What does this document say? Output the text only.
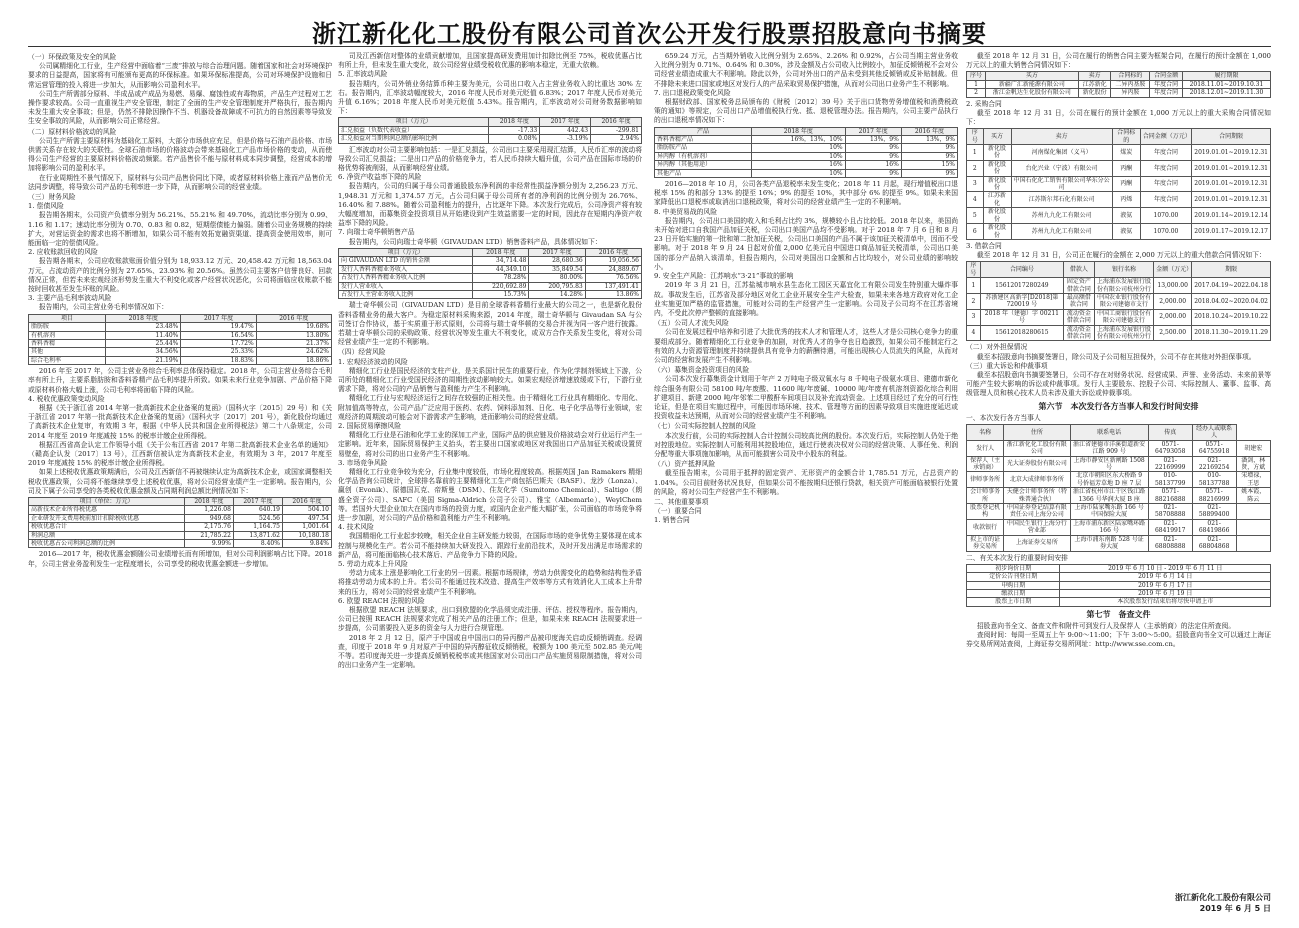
浙江新化化工股份有限公司首次公开发行股票招股意向书摘要
（一）环保政策及安全的风险

公司属精细化工行业，生产经营中面临着“三废”排放与综合治理问题。随着国家和社会对环境保护要求的日益提高，国家将有可能颁布更高的环保标准。如果环保标准提高，公司对环境保护设施和日常运营管理的投入将进一步加大，从而影响公司盈利水平。

公司生产所需部分原料、半成品或产成品为易燃、易爆、腐蚀性或有毒物质，产品生产过程对工艺操作要求较高。公司一直重视生产安全管理，制定了全面的生产安全管理制度并严格执行，报告期内未发生重大安全事故；但是，仍然不排除因操作不当、机器设备故障或不可抗力的自然因素等导致发生安全事故的风险，从而影响公司正常经营。

（二）原材料价格波动的风险

公司生产所需主要原材料为基础化工原料，大部分市场供应充足，但是价格与石油产品价格、市场供需关系存在较大的关联性。全球石油市场的价格波动会带来基础化工产品市场价格的变动，从而使得公司生产经营的主要原材料价格波动频繁。若产品售价不能与原材料成本同步调整，经营成本的增加将影响公司的盈利水平。

在行业周期性不景气情况下，原材料与公司产品售价同比下降，或者原材料价格上涨而产品售价无法同步调整，将导致公司产品的毛利率进一步下降，从而影响公司的经营业绩。

（三）财务风险
1. 偿债风险

报告期各期末，公司资产负债率分别为 56.21%、55.21% 和 49.70%，流动比率分别为 0.99、1.16 和 1.17；速动比率分别为 0.70、0.83 和 0.82，短期偿债能力偏弱。随着公司业务规模的持续扩大，对营运资金的需求也将不断增加，如果公司不能有效拓宽融资渠道、提高资金使用效率，则可能面临一定的偿债风险。

2. 应收账款回收的风险

报告期各期末，公司应收账款账面价值分别为 18,933.12 万元、20,458.42 万元和 18,563.04 万元，占流动资产的比例分别为 27.65%、23.93% 和 20.56%。虽然公司主要客户信誉良好、回款情况正常，但若未来宏观经济形势发生重大不利变化或客户经营状况恶化，公司将面临应收账款不能按时回收甚至发生坏账的风险。

3. 主要产品毛利率波动风险

报告期内，公司主营业务毛利率情况如下：

项目	2018 年度	2017 年度	2016 年度
脂肪胺	23.48%	19.47%	19.68%
有机溶剂	11.40%	16.54%	13.80%
香料香精	25.44%	17.72%	21.37%
其他	34.56%	25.33%	24.62%
综合毛利率	21.19%	18.83%	18.86%

2016 年至 2017 年，公司主营业务综合毛利率总体保持稳定。2018 年，公司主营业务综合毛利率有所上升，主要系脂肪胺和香料香精产品毛利率提升所致。如果未来行业竞争加剧、产品价格下降或原材料价格大幅上涨，公司毛利率将面临下降的风险。

4. 税收优惠政策变动风险

根据《关于浙江省 2014 年第一批高新技术企业备案的复函》（国科火字〔2015〕29 号）和《关于浙江省 2017 年第一批高新技术企业备案的复函》（国科火字〔2017〕201 号），新化股份均通过了高新技术企业复审，有效期 3 年，根据《中华人民共和国企业所得税法》第二十八条规定，公司 2014 年度至 2019 年度减按 15% 的税率计缴企业所得税。

根据江西省高企认定工作领导小组《关于公布江西省 2017 年第二批高新技术企业名单的通知》（赣高企认发〔2017〕13 号），江西新信被认定为高新技术企业，有效期为 3 年，2017 年度至 2019 年度减按 15% 的税率计缴企业所得税。

如果上述税收优惠政策期满后，公司及江西新信不再被继续认定为高新技术企业，或国家调整相关税收优惠政策，公司将不能继续享受上述税收优惠，将对公司经营业绩产生一定影响。报告期内，公司及下属子公司享受的各类税收优惠金额及占同期利润总额比例情况如下：

项目（单位：万元）	2018 年度	2017 年度	2016 年度
高新技术企业所得税优惠	1,226.08	640.19	504.10
企业研发开支费用税前加计扣除税收优惠	949.68	524.56	497.54
税收优惠合计	2,175.76	1,164.75	1,001.64
利润总额	21,785.22	13,871.62	10,180.18
税收优惠占公司利润总额的比例	9.99%	8.40%	9.84%

2016—2017 年，税收优惠金额随公司业绩增长而有所增加，但对公司利润影响占比下降。2018 年，公司主营业务盈利发生一定程度增长，公司享受的税收优惠金额进一步增加。

司及江西新信对整体的业绩贡献增加，且国家提高研发费用加计扣除比例至 75%，税收优惠占比有所上升，但未发生重大变化，故公司经营业绩受税收优惠的影响本稳定，无重大依赖。

5. 汇率波动风险

报告期内，公司外销业务结算币种主要为美元，公司出口收入占主营业务收入的比重达 30% 左右。报告期内，汇率波动幅度较大，2016 年度人民币对美元贬值 6.83%；2017 年度人民币对美元升值 6.16%；2018 年度人民币对美元贬值 5.43%。报告期内，汇率波动对公司财务数据影响如下：

项目（万元）	2018 年度	2017 年度	2016 年度
汇兑损益（负数代表收益）	-17.33	442.43	-299.81
汇兑损益对当期利润总额的影响比例	0.08%	-3.19%	2.94%

汇率波动对公司主要影响包括：一是汇兑损益，公司出口主要采用现汇结算，人民币汇率的波动将导致公司汇兑损益；二是出口产品的价格竞争力，若人民币持续大幅升值，公司产品在国际市场的价格优势将被削弱，从而影响经营业绩。

6. 净资产收益率下降的风险

报告期内，公司的归属于母公司普通股股东净利润的非经常性损益净额分别为 2,256.23 万元、1,948.31 万元和 1,374.57 万元，占公司归属于母公司所有者的净利润的比例分别为 26.76%、16.40% 和 7.88%。随着公司盈利能力的提升，占比逐年下降。本次发行完成后，公司净资产将有较大幅度增加，而募集资金投资项目从开始建设到产生效益需要一定的时间，因此存在短期内净资产收益率下降的风险。

7. 向瑞士奇华顿销售产品

报告期内，公司向瑞士奇华顿（GIVAUDAN LTD）销售香料产品，具体情况如下：

项目（万元）	2018 年度	2017 年度	2016 年度
向 GIVAUDAN LTD 的销售金额	34,714.48	28,680.36	19,056.56
发行人香料香精业务收入	44,349.10	35,849.54	24,889.67
占发行人香料香精业务收入比例	78.28%	80.00%	76.56%
发行人营业收入	220,692.89	200,795.83	137,491.41
占发行人主营业务收入比例	15.73%	14.28%	13.86%

瑞士奇华顿公司（GIVAUDAN LTD）是目前全球香料香精行业最大的公司之一，也是新化股份香料香精业务的最大客户。为稳定原材料采购来源，2014 年度，瑞士奇华顿与 Givaudan SA 与公司签订合作协议，基于实质重于形式原则，公司将与瑞士奇华顿的交易合并视为同一客户进行披露。若瑞士奇华顿公司的采购政策、经营状况等发生重大不利变化，或双方合作关系发生变化，将对公司经营业绩产生一定的不利影响。

（四）经营风险
1. 宏观经济波动的风险

精细化工行业是国民经济的支柱产业，是关系国计民生的重要行业，作为化学制剂领域上下游，公司所处的精细化工行业受国民经济的周期性波动影响较大。如果宏观经济增速放缓或下行，下游行业需求下降，将对公司的产品销售与盈利能力产生不利影响。

精细化工行业与宏观经济运行之间存在较强的正相关性。由于精细化工行业具有精细化、专用化、附加值高等特点，公司产品广泛应用于医药、农药、饲料添加剂、日化、电子化学品等行业领域，宏观经济的周期波动可能会对下游需求产生影响，进而影响公司的经营业绩。

2. 国际贸易摩擦风险

精细化工行业是石油和化学工业的深加工产业，国际产品的供应链及价格波动会对行业运行产生一定影响。近年来，国际贸易保护主义抬头，若主要出口国家或地区对我国出口产品加征关税或设置贸易壁垒，将对公司的出口业务产生不利影响。

3. 市场竞争风险

精细化工行业竞争较为充分，行业集中度较低，市场化程度较高。根据英国 Jan Ramakers 精细化学品咨询公司统计，全球排名靠前的主要精细化工生产商包括巴斯夫（BASF）、龙沙（Lonza）、赢创（Evonik）、原德国瓦克、帝斯曼（DSM）、住友化学（Sumitomo Chemical）、Saltigo（朗盛全资子公司）、SAFC（美国 Sigma-Aldrich 公司子公司）、雅宝（Albemarle）、WeylChem 等。若国外大型企业加大在国内市场的投资力度，或国内企业产能大幅扩张，公司面临的市场竞争将进一步加剧，对公司的产品价格和盈利能力产生不利影响。

4. 技术风险

我国精细化工行业起步较晚，相关企业自主研发能力较弱，在国际市场的竞争优势主要体现在成本控制与规模化生产。若公司不能持续加大研发投入、跟踪行业前沿技术，及时开发出满足市场需求的新产品，将可能面临核心技术落后、产品竞争力下降的风险。

5. 劳动力成本上升风险

劳动力成本上涨是影响化工行业的另一因素。根据市场规律，劳动力供需变化的趋势和结构性矛盾将推动劳动力成本的上升。若公司不能通过技术改造、提高生产效率等方式有效消化人工成本上升带来的压力，将对公司的经营业绩产生不利影响。

6. 欧盟 REACH 法规的风险

根据欧盟 REACH 法规要求，出口到欧盟的化学品须完成注册、评估、授权等程序。报告期内，公司已按照 REACH 法规要求完成了相关产品的注册工作；但是，如果未来 REACH 法规要求进一步提高，公司需要投入更多的资金与人力进行合规管理。

2018 年 2 月 12 日，原产于中国或自中国出口的异丙醇产品被印度海关启动反倾销调查。经调查，印度于 2018 年 9 月对原产于中国的异丙醇征收反倾销税，税额为 100 美元至 502.85 美元/吨不等。若印度海关进一步提高反倾销税税率或其他国家对公司出口产品实施贸易限制措施，将对公司的出口业务产生一定影响。

659.24 万元，占当期外销收入比例分别为 2.65%、2.26% 和 0.92%，占公司当期主营业务收入比例分别为 0.71%、0.64% 和 0.30%，涉及金额及占公司收入比例较小，加征反倾销税不会对公司经营业绩造成重大不利影响。除此以外，公司对外出口的产品未受到其他反倾销或反补贴制裁。但不排除未来进口国家或地区对发行人的产品采取贸易保护措施，从而对公司出口业务产生不利影响。

7. 出口退税政策变化风险

根据财政部、国家税务总局颁布的《财税〔2012〕39 号》关于出口货物劳务增值税和消费税政策的通知》等规定，公司出口产品增值税执行免、抵、退税管理办法。报告期内，公司主要产品执行的出口退税率情况如下：

产品	2018 年度	2017 年度	2016 年度
香料香精产品	16%，13%，10%	13%，9%	13%，9%
脂肪胺产品	10%	9%	9%
异丙醇（有机溶剂）	10%	9%	9%
异丙醇（其他用途）	16%	16%	15%
其他产品	10%	9%	9%

2016—2018 年 10 月，公司各类产品退税率未发生变化；2018 年 11 月起，现行增值税出口退税率 15% 的和部分 13% 的提至 16%；9% 的提至 10%，其中部分 6% 的提至 9%。如果未来国家降低出口退税率或取消出口退税政策，将对公司的经营业绩产生一定的不利影响。

8. 中美贸易战的风险

报告期内，公司出口美国的收入和毛利占比约 3%，规模较小且占比较低。2018 年以来，美国尚未开始对进口自我国产品加征关税，公司出口美国产品均不受影响。对于 2018 年 7 月 6 日和 8 月 23 日开始实施的第一批和第二批加征关税，公司出口美国的产品不属于该加征关税清单中，因而不受影响。对于 2018 年 9 月 24 日起对价值 2,000 亿美元自中国进口商品加征关税清单，公司出口美国的部分产品纳入该清单，但报告期内，公司对美国出口金额和占比均较小，对公司业绩的影响较小。

9. 安全生产风险：江苏响水“3·21”事故的影响

2019 年 3 月 21 日，江苏盐城市响水县生态化工园区天嘉宜化工有限公司发生特别重大爆炸事故。事故发生后，江苏省及部分地区对化工企业开展安全生产大检查，如果未来各地方政府对化工企业实施更加严格的监管措施，可能对公司的生产经营产生一定影响。公司及子公司均不在江苏省境内，不受此次停产整顿的直接影响。

（五）公司人才流失风险

公司在发展过程中培养和引进了大批优秀的技术人才和管理人才，这些人才是公司核心竞争力的重要组成部分。随着精细化工行业竞争的加剧，对优秀人才的争夺也日趋激烈，如果公司不能制定行之有效的人力资源管理制度并持续提供具有竞争力的薪酬待遇，可能出现核心人员流失的风险，从而对公司的经营和发展产生不利影响。

（六）募集资金投资项目的风险

公司本次发行募集资金计划用于年产 2 万吨电子级双氧水与 8 千吨电子级氨水项目、建德市新化综合服务有限公司 58100 吨/年废酸、11600 吨/年废碱、10000 吨/年废有机溶剂资源化综合利用扩建项目、新建 2000 吨/年邻苯二甲酸酐车间项目以及补充流动资金。上述项目经过了充分的可行性论证，但是在项目实施过程中，可能因市场环境、技术、管理等方面的因素导致项目实施进度延迟或投资收益未达预期，从而对公司的经营业绩产生不利影响。

（七）公司实际控制人控制的风险

本次发行前，公司的实际控制人合计控制公司较高比例的股份。本次发行后，实际控制人仍处于绝对控股地位。实际控制人可能利用其控股地位，通过行使表决权对公司的经营决策、人事任免、利润分配等重大事项施加影响，从而可能损害公司及中小股东的利益。

（八）资产抵押风险

截至报告期末，公司用于抵押的固定资产、无形资产的金额合计 1,785.51 万元，占总资产的 1.04%。公司目前财务状况良好，但如果公司不能按期归还银行贷款，相关资产可能面临被银行处置的风险，将对公司生产经营产生不利影响。

二、其他重要事项
（一）重要合同
1. 销售合同

截至 2018 年 12 月 31 日，公司在履行的销售合同主要为框架合同，在履行的预计金额在 1,000 万元以上的重大销售合同情况如下：

序号	买方	卖方	合同标的	合同金额	履行期限
1	新疆广汇新能源有限公司	江苏新化	二异丙基胺	年度合同	2018.11.01~2019.10.31
2	浙江金帆达生化股份有限公司	新化股份	异丙胺	年度合同	2018.12.01~2019.11.30
2. 采购合同

截至 2018 年 12 月 31 日，公司在履行的预计金额在 1,000 万元以上的重大采购合同情况如下：

序号	买方	卖方	合同标的	合同金额（万元）	合同期限
1	新化股份	河南煤化集团（义马）	煤炭	年度合同	2019.01.01~2019.12.31
2	新化股份	台化兴业（宁波）有限公司	丙酮	年度合同	2019.01.01~2019.12.31
3	新化股份	中国石化化工销售有限公司华东分公司	丙酮	年度合同	2019.01.01~2019.12.31
4	江苏新化	江苏斯尔邦石化有限公司	丙烯	年度合同	2019.01.01~2019.12.31
5	新化股份	苏州九九化工有限公司	液氨	1070.00	2019.01.14~2019.12.14
6	新化股份	苏州九九化工有限公司	液氨	1070.00	2019.01.17~2019.12.17
3. 借款合同

截至 2018 年 12 月 31 日，公司正在履行的金额在 2,000 万元以上的重大借款合同情况如下：

序号	合同编号	借款人	银行名称	金额（万元）	期限
1	15612017280249	固定资产借款合同	上海浦东发展银行股份有限公司杭州分行	13,000.00	2017.04.19~2022.04.18
2	苏浙建区高新字[D2018]第 720019 号	最高额借款合同	中国农业银行股份有限公司建德市支行	2,000.00	2018.04.02~2020.04.02
3	2018 年（建德）字 00211 号	流动资金借款合同	中国工商银行股份有限公司建德支行	2,000.00	2018.10.24~2019.10.22
4	15612018280615	流动资金借款合同	上海浦东发展银行股份有限公司杭州分行	2,500.00	2018.11.30~2019.11.29
（二）对外担保情况

截至本招股意向书摘要签署日，除公司及子公司相互担保外，公司不存在其他对外担保事项。

（三）重大诉讼和仲裁事项

截至本招股意向书摘要签署日，公司不存在对财务状况、经营成果、声誉、业务活动、未来前景等可能产生较大影响的诉讼或仲裁事项。发行人主要股东、控股子公司、实际控制人、董事、监事、高级管理人员和核心技术人员未涉及重大诉讼或仲裁事项。

第六节　本次发行各方当事人和发行时间安排
一、本次发行各方当事人
名称	住所	联系电话	传真	经办人或联系人	
发行人	浙江新化化工股份有限公司	浙江省建德市洋溪街道新安江路 909 号	0571-64793058	0571-64755918	胡建宏
保荐人（主承销商）	光大证券股份有限公司	上海市静安区新闸路 1508 号	021-22169999	021-22169254	潘剑，林贤，方斌
律师事务所	北京大成律师事务所	北京市朝阳区东大桥路 9 号侨福芳草地 D 座 7 层	010-58137799	010-58137788	宋增禄，王思
会计师事务所	天健会计师事务所（特殊普通合伙）	浙江省杭州市江干区钱江路 1366 号华润大厦 B 座	0571-88216888	0571-88216999	姚本霞，陈云
股票登记机构	中国证券登记结算有限责任公司上海分公司	上海市陆家嘴东路 166 号中国保险大厦	021-58708888	021-58899400	
收款银行	中国民生银行上海分行营业部	上海市浦东新区陆家嘴环路 166 号	021-68419917	021-68419866	
拟上市的证券交易所	上海证券交易所	上海市浦东南路 528 号证券大厦	021-68808888	021-68804868	
二、有关本次发行的重要时间安排
初步询价日期	2019 年 6 月 10 日 - 2019 年 6 月 11 日
定价公告刊登日期	2019 年 6 月 14 日
申购日期	2019 年 6 月 17 日
缴款日期	2019 年 6 月 19 日
股票上市日期	本次股票发行结束后将尽快申请上市
第七节　备查文件

招股意向书全文、备查文件和附件可到发行人及保荐人（主承销商）的法定住所查阅。

查阅时间：每周一至周五上午 9:00～11:00；下午 3:00～5:00。招股意向书全文可以通过上海证券交易所网站查阅，上海证券交易所网址：http://www.sse.com.cn。

浙江新化化工股份有限公司
2019 年 6 月 5 日
